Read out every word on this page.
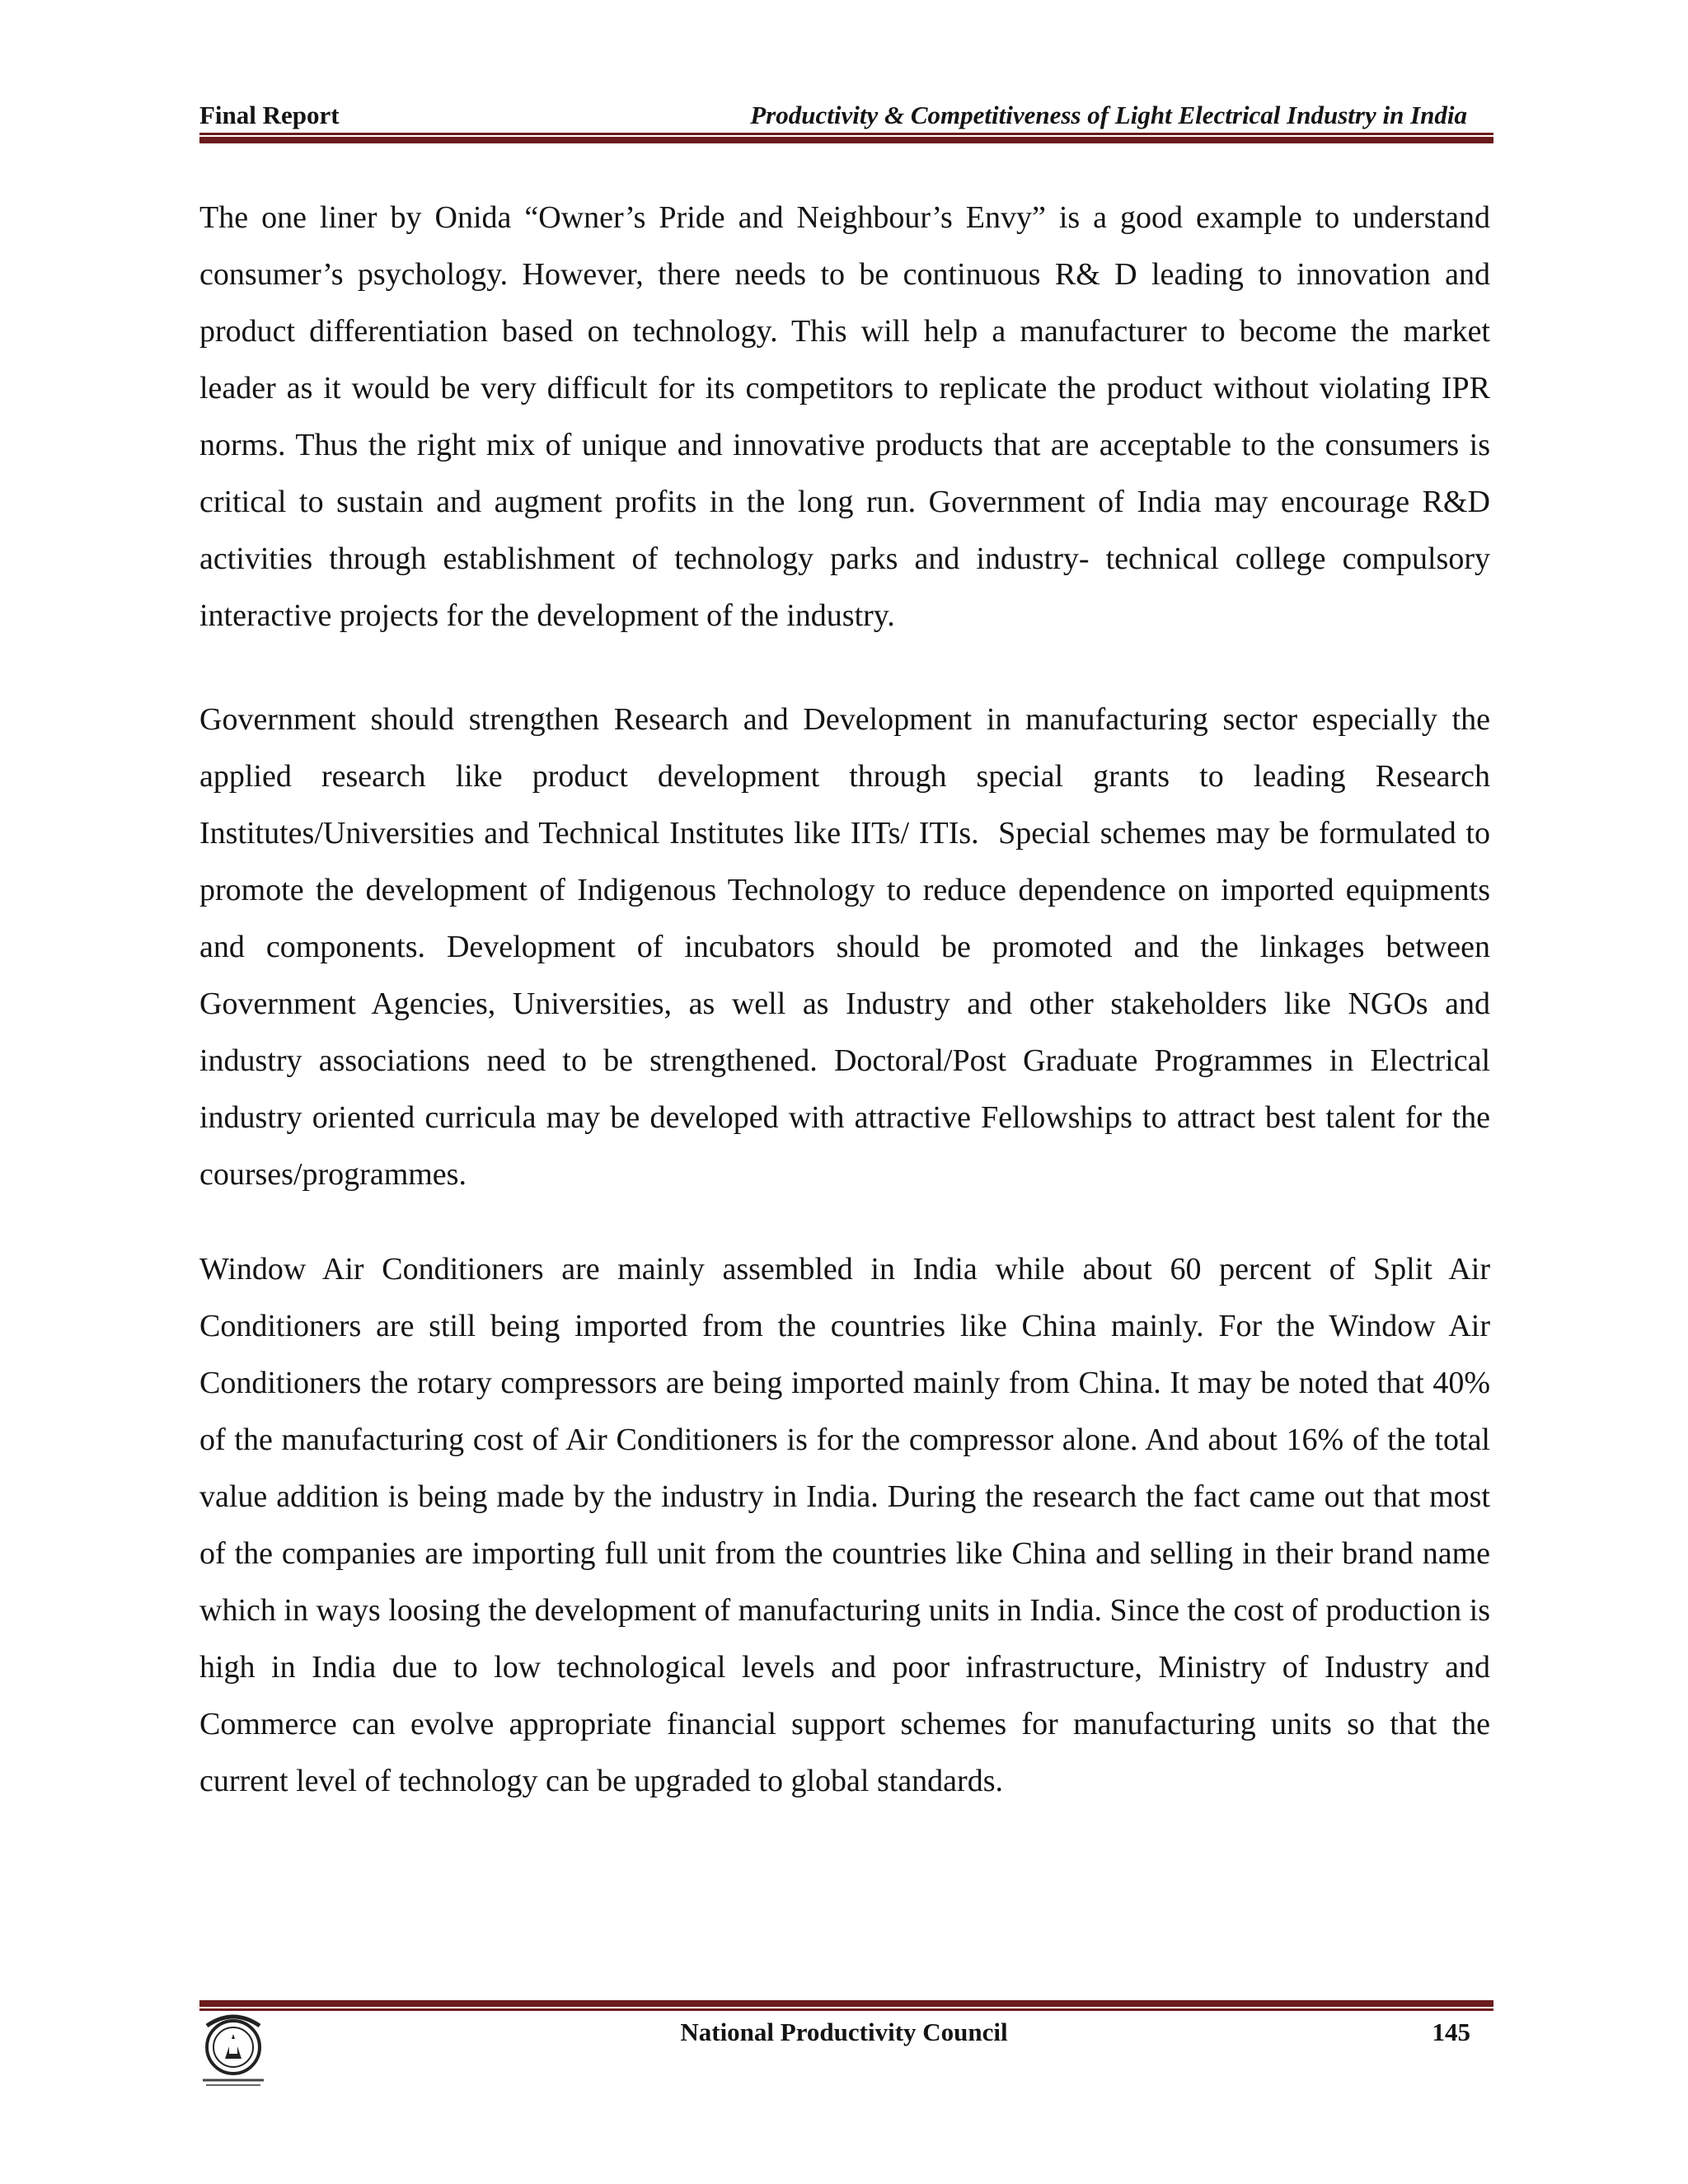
Final Report	Productivity & Competitiveness of Light Electrical Industry in India

The one liner by Onida “Owner’s Pride and Neighbour’s Envy” is a good example to understand consumer’s psychology. However, there needs to be continuous R& D leading to innovation and product differentiation based on technology. This will help a manufacturer to become the market leader as it would be very difficult for its competitors to replicate the product without violating IPR norms. Thus the right mix of unique and innovative products that are acceptable to the consumers is critical to sustain and augment profits in the long run. Government of India may encourage R&D activities through establishment of technology parks and industry- technical college compulsory interactive projects for the development of the industry.

Government should strengthen Research and Development in manufacturing sector especially the applied research like product development through special grants to leading Research Institutes/Universities and Technical Institutes like IITs/ ITIs.  Special schemes may be formulated to promote the development of Indigenous Technology to reduce dependence on imported equipments and components. Development of incubators should be promoted and the linkages between Government Agencies, Universities, as well as Industry and other stakeholders like NGOs and industry associations need to be strengthened. Doctoral/Post Graduate Programmes in Electrical industry oriented curricula may be developed with attractive Fellowships to attract best talent for the courses/programmes.

Window Air Conditioners are mainly assembled in India while about 60 percent of Split Air Conditioners are still being imported from the countries like China mainly. For the Window Air Conditioners the rotary compressors are being imported mainly from China. It may be noted that 40% of the manufacturing cost of Air Conditioners is for the compressor alone. And about 16% of the total value addition is being made by the industry in India. During the research the fact came out that most of the companies are importing full unit from the countries like China and selling in their brand name which in ways loosing the development of manufacturing units in India. Since the cost of production is high in India due to low technological levels and poor infrastructure, Ministry of Industry and Commerce can evolve appropriate financial support schemes for manufacturing units so that the current level of technology can be upgraded to global standards.

National Productivity Council	145
